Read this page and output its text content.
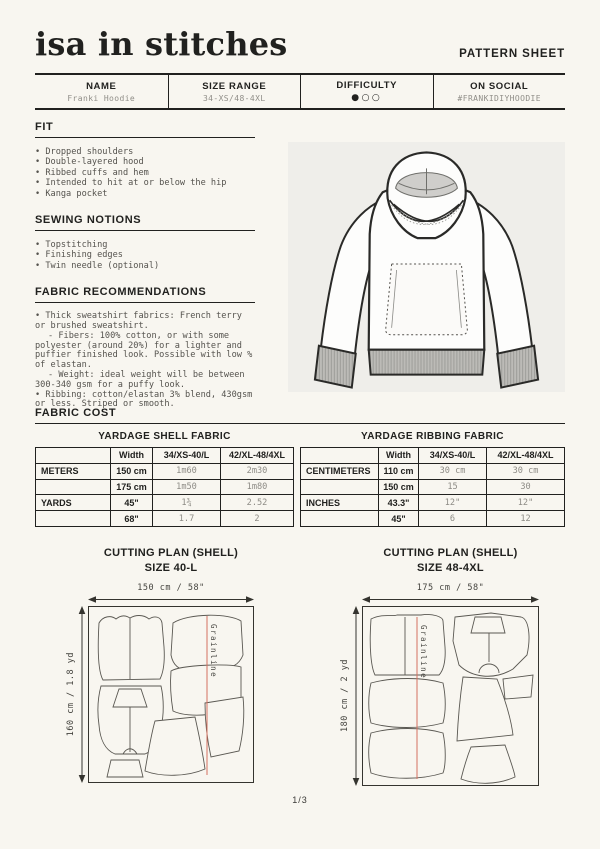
isa in stitches	PATTERN SHEET
NAME
Franki Hoodie
SIZE RANGE
34-XS/48-4XL
DIFFICULTY
●○○
ON SOCIAL
#FRANKIDIYHOODIE
FIT
• Dropped shoulders
• Double-layered hood
• Ribbed cuffs and hem
• Intended to hit at or below the hip
• Kanga pocket
SEWING NOTIONS
• Topstitching
• Finishing edges
• Twin needle (optional)
FABRIC RECOMMENDATIONS

• Thick sweatshirt fabrics: French terry or brushed sweatshirt.

- Fibers: 100% cotton, or with some polyester (around 20%) for a lighter and puffier finished look. Possible with low % of elastan.

- Weight: ideal weight will be between 300-340 gsm for a puffy look.

• Ribbing: cotton/elastan 3% blend, 430gsm or less. Striped or smooth.

FABRIC COST
YARDAGE SHELL FABRIC
	Width	34/XS-40/L	42/XL-48/4XL
METERS	150 cm	1m60	2m30
	175 cm	1m50	1m80
YARDS	45"	1¾	2.52
	68"	1.7	2
YARDAGE RIBBING FABRIC
	Width	34/XS-40/L	42/XL-48/4XL
CENTIMETERS	110 cm	30 cm	30 cm
	150 cm	15	30
INCHES	43.3"	12"	12"
	45"	6	12
CUTTING PLAN (SHELL)
SIZE 40-L
150 cm / 58"
160 cm / 1.8 yd
Grainline
CUTTING PLAN (SHELL)
SIZE 48-4XL
175 cm / 58"
180 cm / 2 yd
Grainline
1/3
